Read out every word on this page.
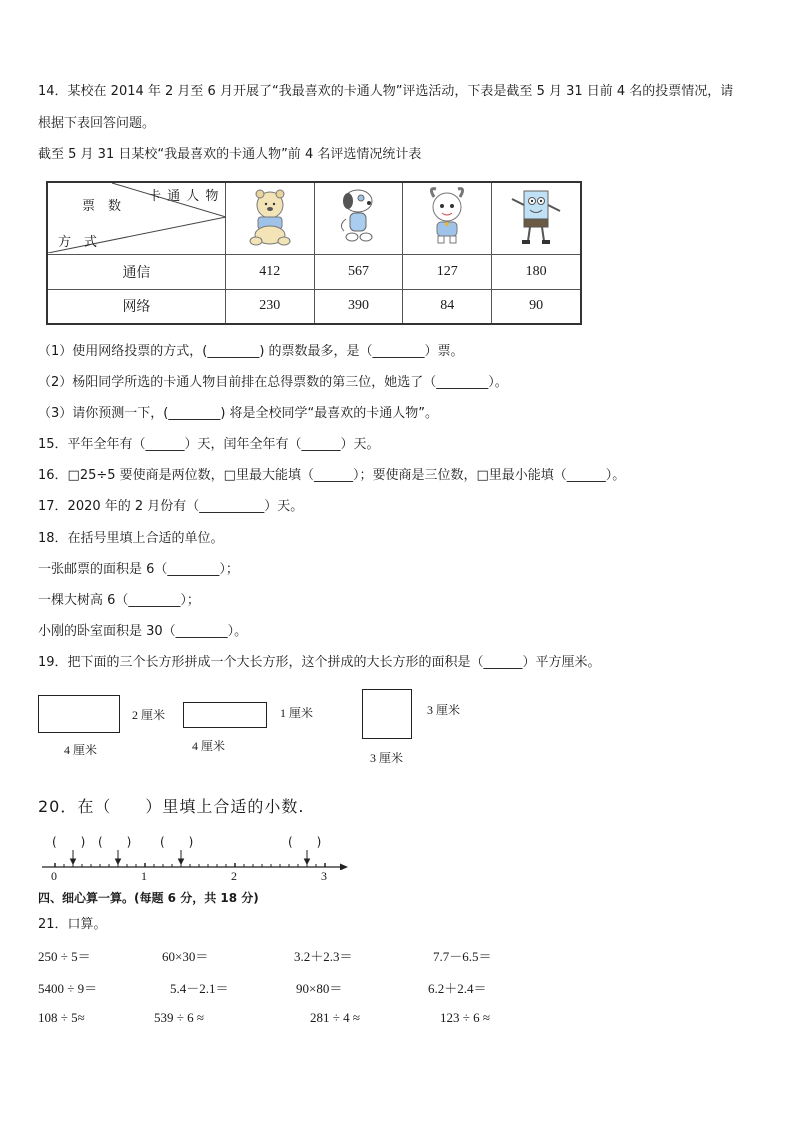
14．某校在 2014 年 2 月至 6 月开展了“我最喜欢的卡通人物”评选活动，下表是截至 5 月 31 日前 4 名的投票情况，请
根据下表回答问题。
截至 5 月 31 日某校“我最喜欢的卡通人物”前 4 名评选情况统计表
卡 通 人 物
票　数
方　式

通信	412	567	127	180
网络	230	390	84	90
（1）使用网络投票的方式，(________) 的票数最多，是（________）票。
（2）杨阳同学所选的卡通人物目前排在总得票数的第三位，她选了（________）。
（3）请你预测一下，(________) 将是全校同学“最喜欢的卡通人物”。
15．平年全年有（______）天，闰年全年有（______）天。
16．□25÷5 要使商是两位数，□里最大能填（______）；要使商是三位数，□里最小能填（______）。
17．2020 年的 2 月份有（__________）天。
18．在括号里填上合适的单位。
一张邮票的面积是 6（________）；
一棵大树高 6（________）；
小刚的卧室面积是 30（________）。
19．把下面的三个长方形拼成一个大长方形，这个拼成的大长方形的面积是（______）平方厘米。
2 厘米
4 厘米
1 厘米
4 厘米
3 厘米
3 厘米
20．在（　　）里填上合适的小数.
(　　) (　　) (　　)	(　　)
0	1	2	3
四、细心算一算。(每题 6 分，共 18 分)
21．口算。
250 ÷ 5＝	60×30＝	3.2＋2.3＝	7.7－6.5＝
5400 ÷ 9＝	5.4－2.1＝	90×80＝	6.2＋2.4＝
108 ÷ 5≈	539 ÷ 6 ≈	281 ÷ 4 ≈	123 ÷ 6 ≈
